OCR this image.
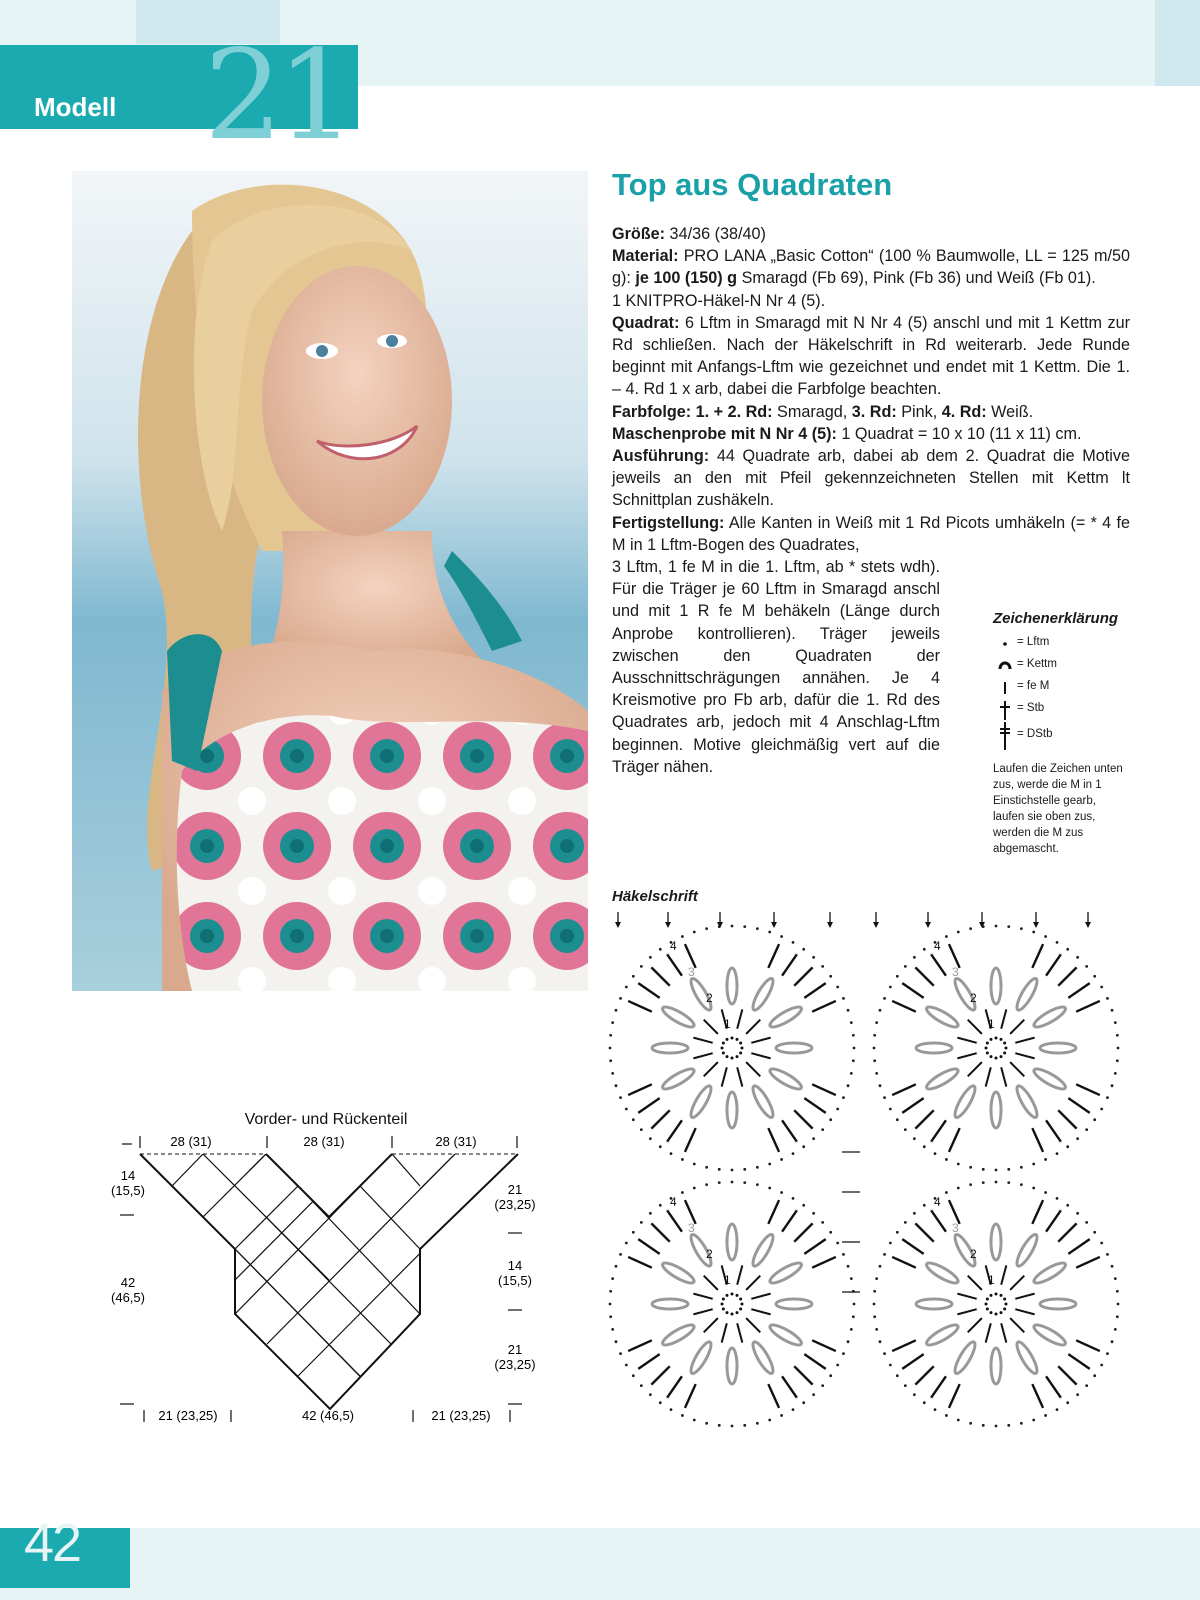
Modell 21
Top aus Quadraten

Größe: 34/36 (38/40)

Material: PRO LANA „Basic Cotton“ (100 % Baumwolle, LL = 125 m/50 g): je 100 (150) g Smaragd (Fb 69), Pink (Fb 36) und Weiß (Fb 01).

1 KNITPRO-Häkel-N Nr 4 (5).

Quadrat: 6 Lftm in Smaragd mit N Nr 4 (5) anschl und mit 1 Kettm zur Rd schließen. Nach der Häkelschrift in Rd weiterarb. Jede Runde beginnt mit Anfangs-Lftm wie gezeichnet und endet mit 1 Kettm. Die 1. – 4. Rd 1 x arb, dabei die Farbfolge beachten.

Farbfolge: 1. + 2. Rd: Smaragd, 3. Rd: Pink, 4. Rd: Weiß.

Maschenprobe mit N Nr 4 (5): 1 Quadrat = 10 x 10 (11 x 11) cm.

Ausführung: 44 Quadrate arb, dabei ab dem 2. Quadrat die Motive jeweils an den mit Pfeil gekennzeichneten Stellen mit Kettm lt Schnittplan zushäkeln.

Fertigstellung: Alle Kanten in Weiß mit 1 Rd Picots umhäkeln (= * 4 fe M in 1 Lftm-Bogen des Quadrates,

3 Lftm, 1 fe M in die 1. Lftm, ab * stets wdh). Für die Träger je 60 Lftm in Smaragd anschl und mit 1 R fe M behäkeln (Länge durch Anprobe kontrollieren). Träger jeweils zwischen den Quadraten der Ausschnittschrägungen annähen. Je 4 Kreismotive pro Fb arb, dafür die 1. Rd des Quadrates arb, jedoch mit 4 Anschlag-Lftm beginnen. Motive gleichmäßig vert auf die Träger nähen.
Zeichenerklärung
= Lftm
= Kettm
= fe M
= Stb
= DStb
Laufen die Zeichen unten zus, werde die M in 1 Einstichstelle gearb, laufen sie oben zus, werden die M zus abgemascht.
Häkelschrift
4
3
2
1
4
3
2
1
4
3
2
1
4
3
2
1
Vorder- und Rückenteil
28 (31)	28 (31)	28 (31)
14 (15,5)
42 (46,5)
21 (23,25)
14 (15,5)
21 (23,25)
21 (23,25)	42 (46,5)	21 (23,25)
42
